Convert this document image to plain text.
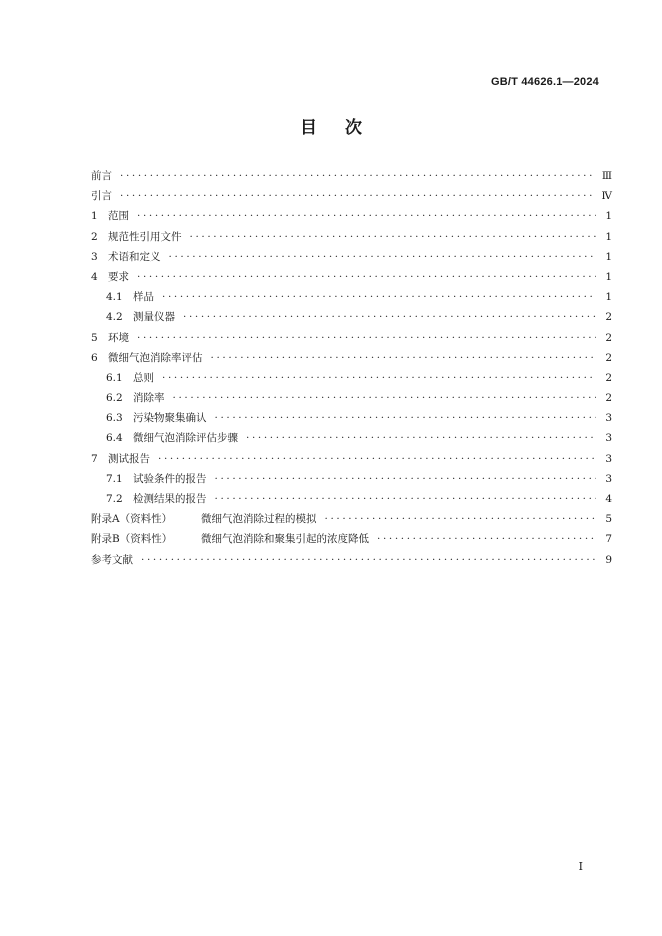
GB/T 44626.1—2024
目次
前言 ·····	Ⅲ
引言 ·····	Ⅳ
1 范围 ·····	1
2 规范性引用文件 ·····	1
3 术语和定义 ·····	1
4 要求 ·····	1
4.1 样品 ·····	1
4.2 测量仪器 ·····	2
5 环境 ·····	2
6 微细气泡消除率评估 ·····	2
6.1 总则 ·····	2
6.2 消除率 ·····	2
6.3 污染物聚集确认 ·····	3
6.4 微细气泡消除评估步骤 ·····	3
7 测试报告 ·····	3
7.1 试验条件的报告 ·····	3
7.2 检测结果的报告 ·····	4
附录A（资料性）	微细气泡消除过程的模拟 ·····	5
附录B（资料性）	微细气泡消除和聚集引起的浓度降低 ·····	7
参考文献 ·····	9
I
